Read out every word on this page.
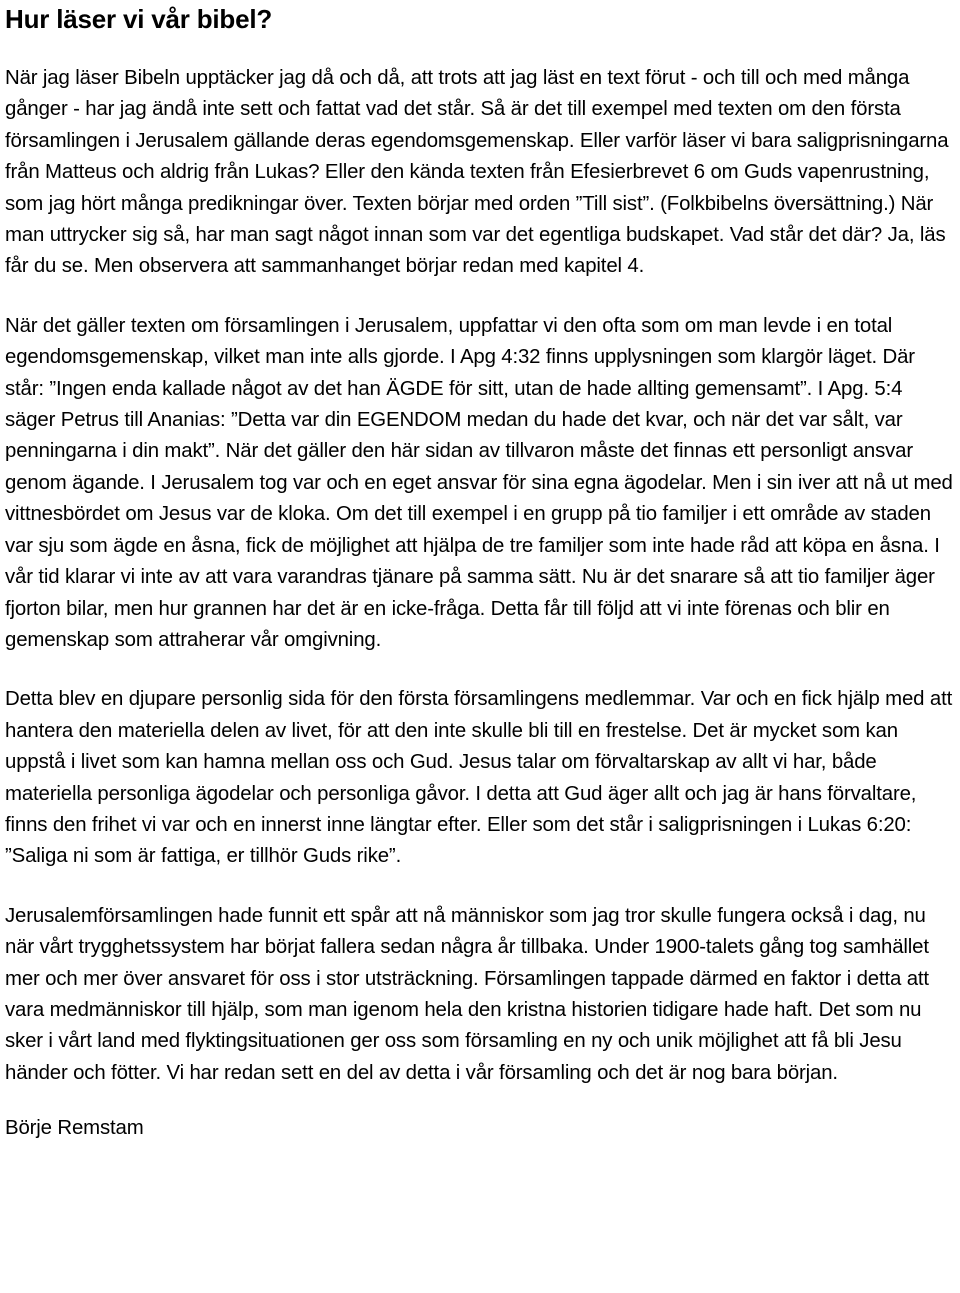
Hur läser vi vår bibel?

När jag läser Bibeln upptäcker jag då och då, att trots att jag läst en text förut - och till och med många gånger - har jag ändå inte sett och fattat vad det står. Så är det till exempel med texten om den första församlingen i Jerusalem gällande deras egendomsgemenskap. Eller varför läser vi bara saligprisningarna från Matteus och aldrig från Lukas? Eller den kända texten från Efesierbrevet 6 om Guds vapenrustning, som jag hört många predikningar över. Texten börjar med orden ”Till sist”. (Folkbibelns översättning.) När man uttrycker sig så, har man sagt något innan som var det egentliga budskapet. Vad står det där? Ja, läs får du se. Men observera att sammanhanget börjar redan med kapitel 4.

När det gäller texten om församlingen i Jerusalem, uppfattar vi den ofta som om man levde i en total egendomsgemenskap, vilket man inte alls gjorde. I Apg 4:32 finns upplysningen som klargör läget. Där står: ”Ingen enda kallade något av det han ÄGDE för sitt, utan de hade allting gemensamt”. I Apg. 5:4 säger Petrus till Ananias: ”Detta var din EGENDOM medan du hade det kvar, och när det var sålt, var penningarna i din makt”. När det gäller den här sidan av tillvaron måste det finnas ett personligt ansvar genom ägande. I Jerusalem tog var och en eget ansvar för sina egna ägodelar. Men i sin iver att nå ut med vittnesbördet om Jesus var de kloka. Om det till exempel i en grupp på tio familjer i ett område av staden var sju som ägde en åsna, fick de möjlighet att hjälpa de tre familjer som inte hade råd att köpa en åsna. I vår tid klarar vi inte av att vara varandras tjänare på samma sätt. Nu är det snarare så att tio familjer äger fjorton bilar, men hur grannen har det är en icke-fråga. Detta får till följd att vi inte förenas och blir en gemenskap som attraherar vår omgivning.

Detta blev en djupare personlig sida för den första församlingens medlemmar. Var och en fick hjälp med att hantera den materiella delen av livet, för att den inte skulle bli till en frestelse. Det är mycket som kan uppstå i livet som kan hamna mellan oss och Gud. Jesus talar om förvaltarskap av allt vi har, både materiella personliga ägodelar och personliga gåvor. I detta att Gud äger allt och jag är hans förvaltare, finns den frihet vi var och en innerst inne längtar efter. Eller som det står i saligprisningen i Lukas 6:20: ”Saliga ni som är fattiga, er tillhör Guds rike”.

Jerusalemförsamlingen hade funnit ett spår att nå människor som jag tror skulle fungera också i dag, nu när vårt trygghetssystem har börjat fallera sedan några år tillbaka. Under 1900-talets gång tog samhället mer och mer över ansvaret för oss i stor utsträckning. Församlingen tappade därmed en faktor i detta att vara medmänniskor till hjälp, som man igenom hela den kristna historien tidigare hade haft. Det som nu sker i vårt land med flyktingsituationen ger oss som församling en ny och unik möjlighet att få bli Jesu händer och fötter. Vi har redan sett en del av detta i vår församling och det är nog bara början.

Börje Remstam
